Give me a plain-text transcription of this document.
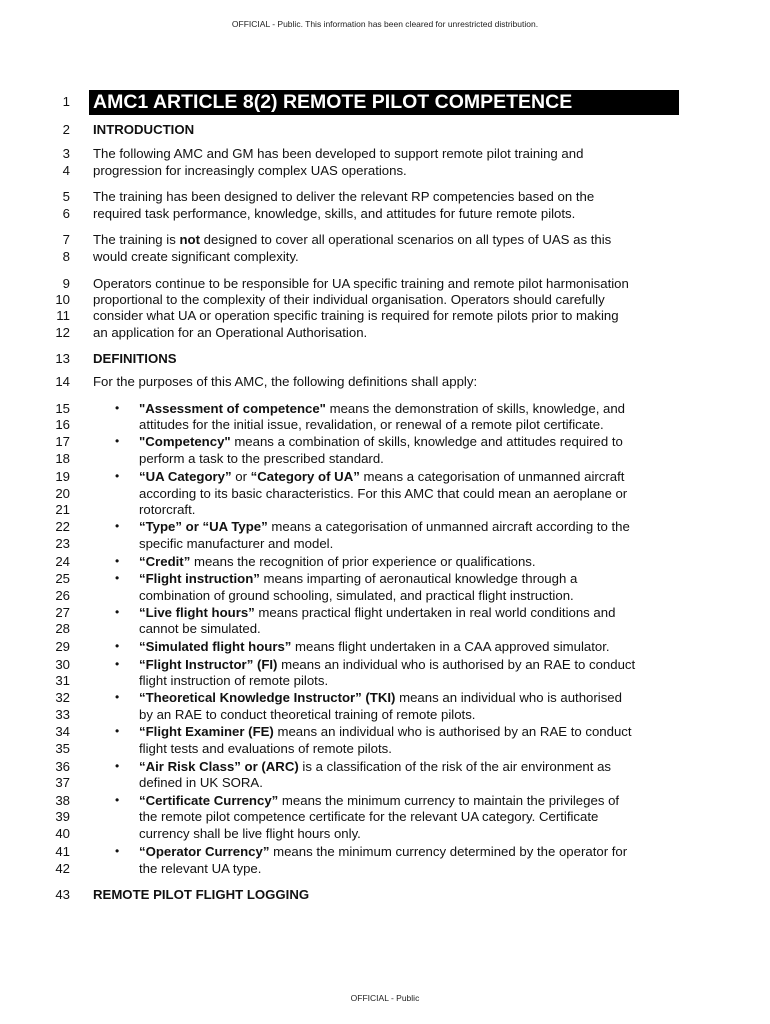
OFFICIAL - Public. This information has been cleared for unrestricted distribution.
1 AMC1 ARTICLE 8(2) REMOTE PILOT COMPETENCE
2 INTRODUCTION
3 The following AMC and GM has been developed to support remote pilot training and
4 progression for increasingly complex UAS operations.
5 The training has been designed to deliver the relevant RP competencies based on the
6 required task performance, knowledge, skills, and attitudes for future remote pilots.
7 The training is not designed to cover all operational scenarios on all types of UAS as this
8 would create significant complexity.
9 Operators continue to be responsible for UA specific training and remote pilot harmonisation
10 proportional to the complexity of their individual organisation. Operators should carefully
11 consider what UA or operation specific training is required for remote pilots prior to making
12 an application for an Operational Authorisation.
13 DEFINITIONS
14 For the purposes of this AMC, the following definitions shall apply:
15	• "Assessment of competence" means the demonstration of skills, knowledge, and
16	attitudes for the initial issue, revalidation, or renewal of a remote pilot certificate.
17	• "Competency" means a combination of skills, knowledge and attitudes required to
18	perform a task to the prescribed standard.
19	• “UA Category” or “Category of UA” means a categorisation of unmanned aircraft
20	according to its basic characteristics. For this AMC that could mean an aeroplane or
21	rotorcraft.
22	• “Type” or “UA Type” means a categorisation of unmanned aircraft according to the
23	specific manufacturer and model.
24	• “Credit” means the recognition of prior experience or qualifications.
25	• “Flight instruction” means imparting of aeronautical knowledge through a
26	combination of ground schooling, simulated, and practical flight instruction.
27	• “Live flight hours” means practical flight undertaken in real world conditions and
28	cannot be simulated.
29	• “Simulated flight hours” means flight undertaken in a CAA approved simulator.
30	• “Flight Instructor” (FI) means an individual who is authorised by an RAE to conduct
31	flight instruction of remote pilots.
32	• “Theoretical Knowledge Instructor” (TKI) means an individual who is authorised
33	by an RAE to conduct theoretical training of remote pilots.
34	• “Flight Examiner (FE) means an individual who is authorised by an RAE to conduct
35	flight tests and evaluations of remote pilots.
36	• “Air Risk Class” or (ARC) is a classification of the risk of the air environment as
37	defined in UK SORA.
38	• “Certificate Currency” means the minimum currency to maintain the privileges of
39	the remote pilot competence certificate for the relevant UA category. Certificate
40	currency shall be live flight hours only.
41	• “Operator Currency” means the minimum currency determined by the operator for
42	the relevant UA type.
43 REMOTE PILOT FLIGHT LOGGING
OFFICIAL - Public
